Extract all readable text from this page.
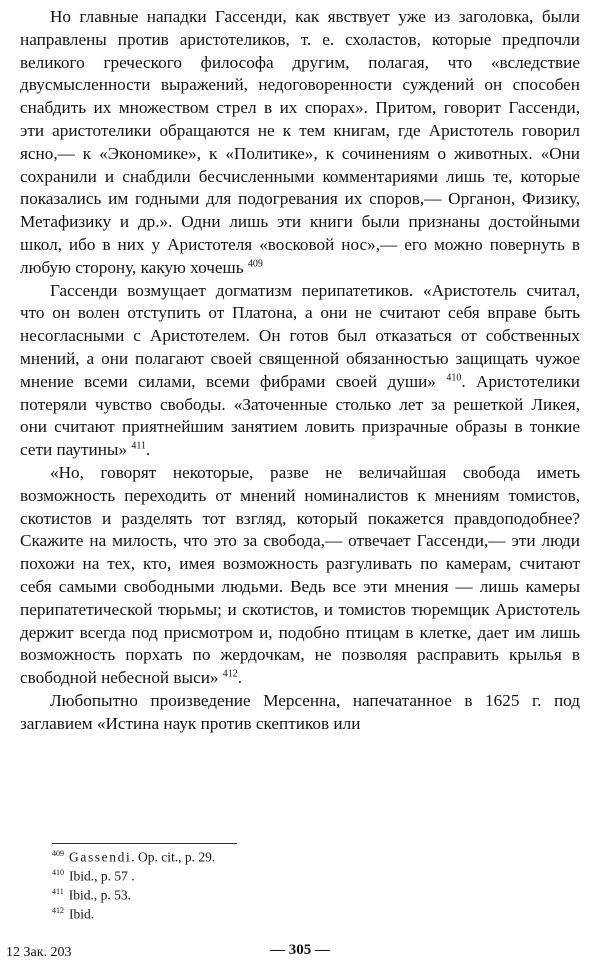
Но главные нападки Гассенди, как явствует уже из заголовка, были направлены против аристотеликов, т. е. схоластов, которые предпочли великого греческого философа другим, полагая, что «вследствие двусмысленности выражений, недоговоренности суждений он способен снабдить их множеством стрел в их спорах». Притом, говорит Гассенди, эти аристотелики обращаются не к тем книгам, где Аристотель говорил ясно,— к «Экономике», к «Политике», к сочинениям о животных. «Они сохранили и снабдили бесчисленными комментариями лишь те, которые показались им годными для подогревания их споров,— Органон, Физику, Метафизику и др.». Одни лишь эти книги были признаны достойными школ, ибо в них у Аристотеля «восковой нос»,— его можно повернуть в любую сторону, какую хочешь $^{409}$

Гассенди возмущает догматизм перипатетиков. «Аристотель считал, что он волен отступить от Платона, а они не считают себя вправе быть несогласными с Аристотелем. Он готов был отказаться от собственных мнений, а они полагают своей священной обязанностью защищать чужое мнение всеми силами, всеми фибрами своей души» $^{410}$. Аристотелики потеряли чувство свободы. «Заточенные столько лет за решеткой Ликея, они считают приятнейшим занятием ловить призрачные образы в тонкие сети паутины» $^{411}$.

«Но, говорят некоторые, разве не величайшая свобода иметь возможность переходить от мнений номиналистов к мнениям томистов, скотистов и разделять тот взгляд, который покажется правдоподобнее? Скажите на милость, что это за свобода,— отвечает Гассенди,— эти люди похожи на тех, кто, имея возможность разгуливать по камерам, считают себя самыми свободными людьми. Ведь все эти мнения — лишь камеры перипатетической тюрьмы; и скотистов, и томистов тюремщик Аристотель держит всегда под присмотром и, подобно птицам в клетке, дает им лишь возможность порхать по жердочкам, не позволяя расправить крылья в свободной небесной выси» $^{412}$.

Любопытно произведение Мерсенна, напечатанное в 1625 г. под заглавием «Истина наук против скептиков или

$^{409}$ Gassendi. Op. cit., p. 29.
$^{410}$ Ibid., p. 57 .
$^{411}$ Ibid., p. 53.
$^{412}$ Ibid.
12 Зак. 203	— 305 —
